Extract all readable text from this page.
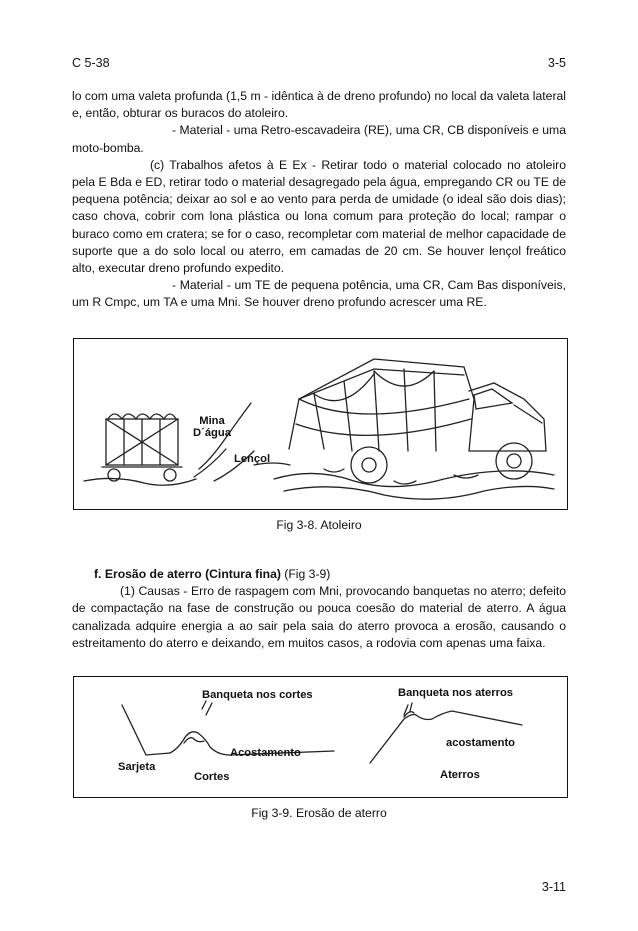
C 5-38	3-5

lo com uma valeta profunda (1,5 m - idêntica à de dreno profundo) no local da valeta lateral e, então, obturar os buracos do atoleiro.

- Material - uma Retro-escavadeira (RE), uma CR, CB disponíveis e uma moto-bomba.

(c) Trabalhos afetos à E Ex - Retirar todo o material colocado no atoleiro pela E Bda e ED, retirar todo o material desagregado pela água, empregando CR ou TE de pequena potência; deixar ao sol e ao vento para perda de umidade (o ideal são dois dias); caso chova, cobrir com lona plástica ou lona comum para proteção do local; rampar o buraco como em cratera; se for o caso, recompletar com material de melhor capacidade de suporte que a do solo local ou aterro, em camadas de 20 cm. Se houver lençol freático alto, executar dreno profundo expedito.

- Material - um TE de pequena potência, uma CR, Cam Bas disponíveis, um R Cmpc, um TA e uma Mni. Se houver dreno profundo acrescer uma RE.

Mina
D´água
Lençol
Fig 3-8. Atoleiro

f. Erosão de aterro (Cintura fina) (Fig 3-9)

(1) Causas - Erro de raspagem com Mni, provocando banquetas no aterro; defeito de compactação na fase de construção ou pouca coesão do material de aterro. A água canalizada adquire energia a ao sair pela saia do aterro provoca a erosão, causando o estreitamento do aterro e deixando, em muitos casos, a rodovia com apenas uma faixa.

Banqueta nos cortes	Banqueta nos aterros
Acostamento
acostamento
Sarjeta
Cortes	Aterros
Fig 3-9. Erosão de aterro
3-11
